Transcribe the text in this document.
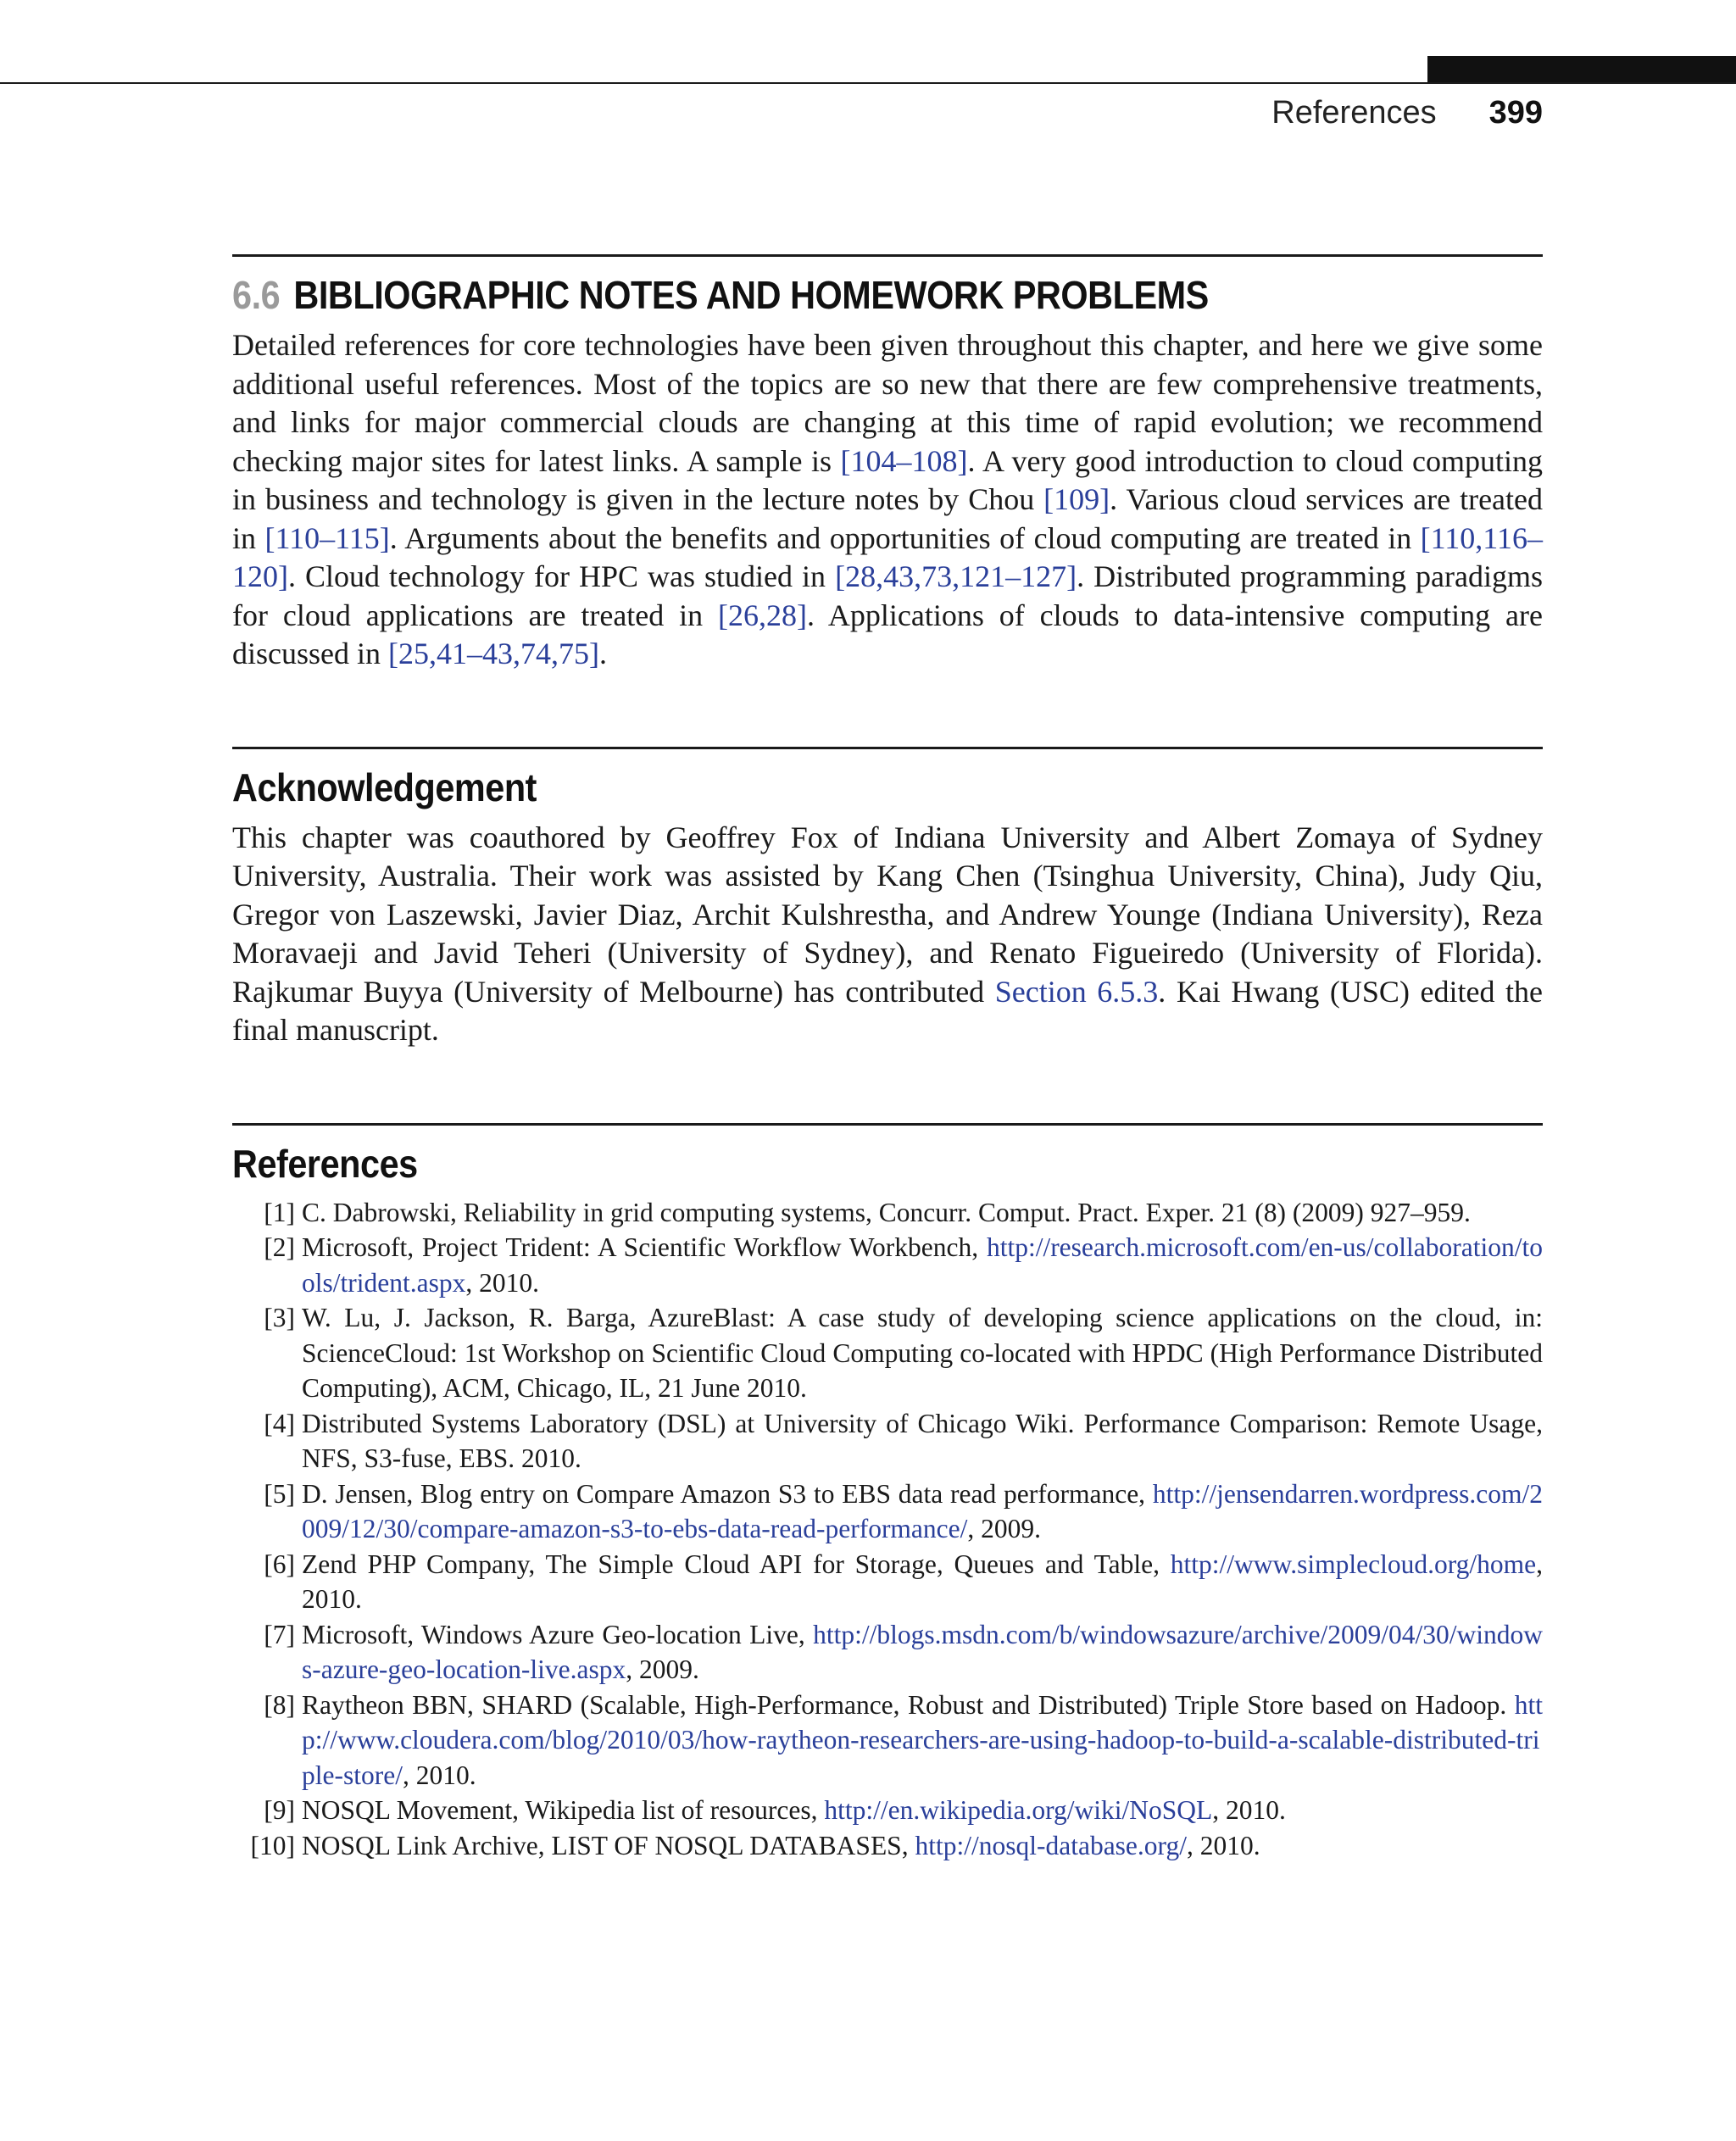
References 399
6.6 BIBLIOGRAPHIC NOTES AND HOMEWORK PROBLEMS

Detailed references for core technologies have been given throughout this chapter, and here we give some additional useful references. Most of the topics are so new that there are few comprehensive treatments, and links for major commercial clouds are changing at this time of rapid evolution; we recommend checking major sites for latest links. A sample is [104–108]. A very good introduction to cloud computing in business and technology is given in the lecture notes by Chou [109]. Various cloud services are treated in [110–115]. Arguments about the benefits and opportunities of cloud computing are treated in [110,116–120]. Cloud technology for HPC was studied in [28,43,73,121–127]. Distributed programming paradigms for cloud applications are treated in [26,28]. Applications of clouds to data-intensive computing are discussed in [25,41–43,74,75].

Acknowledgement

This chapter was coauthored by Geoffrey Fox of Indiana University and Albert Zomaya of Sydney University, Australia. Their work was assisted by Kang Chen (Tsinghua University, China), Judy Qiu, Gregor von Laszewski, Javier Diaz, Archit Kulshrestha, and Andrew Younge (Indiana University), Reza Moravaeji and Javid Teheri (University of Sydney), and Renato Figueiredo (University of Florida). Rajkumar Buyya (University of Melbourne) has contributed Section 6.5.3. Kai Hwang (USC) edited the final manuscript.

References
[1] C. Dabrowski, Reliability in grid computing systems, Concurr. Comput. Pract. Exper. 21 (8) (2009) 927–959.
[2] Microsoft, Project Trident: A Scientific Workflow Workbench, http://research.microsoft.com/en-us/collaboration/tools/trident.aspx, 2010.
[3] W. Lu, J. Jackson, R. Barga, AzureBlast: A case study of developing science applications on the cloud, in: ScienceCloud: 1st Workshop on Scientific Cloud Computing co-located with HPDC (High Performance Distributed Computing), ACM, Chicago, IL, 21 June 2010.
[4] Distributed Systems Laboratory (DSL) at University of Chicago Wiki. Performance Comparison: Remote Usage, NFS, S3-fuse, EBS. 2010.
[5] D. Jensen, Blog entry on Compare Amazon S3 to EBS data read performance, http://jensendarren.wordpress.com/2009/12/30/compare-amazon-s3-to-ebs-data-read-performance/, 2009.
[6] Zend PHP Company, The Simple Cloud API for Storage, Queues and Table, http://www.simplecloud.org/home, 2010.
[7] Microsoft, Windows Azure Geo-location Live, http://blogs.msdn.com/b/windowsazure/archive/2009/04/30/windows-azure-geo-location-live.aspx, 2009.
[8] Raytheon BBN, SHARD (Scalable, High-Performance, Robust and Distributed) Triple Store based on Hadoop. http://www.cloudera.com/blog/2010/03/how-raytheon-researchers-are-using-hadoop-to-build-a-scalable-distributed-triple-store/, 2010.
[9] NOSQL Movement, Wikipedia list of resources, http://en.wikipedia.org/wiki/NoSQL, 2010.
[10] NOSQL Link Archive, LIST OF NOSQL DATABASES, http://nosql-database.org/, 2010.
